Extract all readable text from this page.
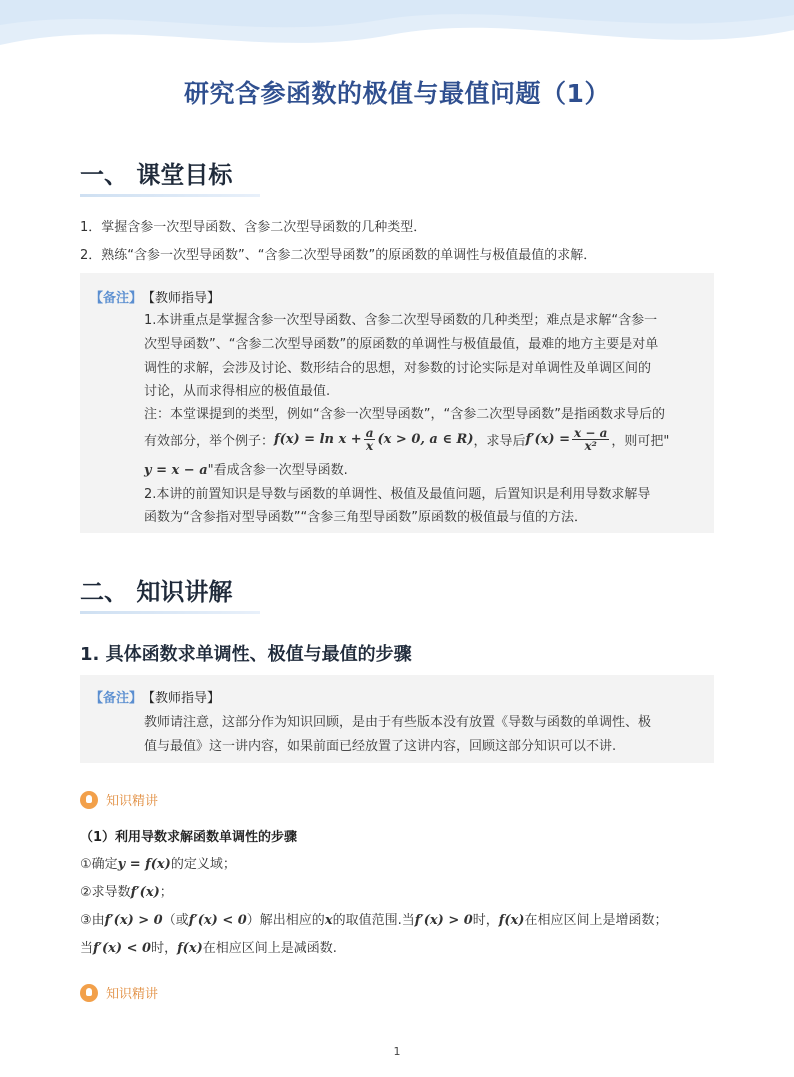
研究含参函数的极值与最值问题（1）
一、 课堂目标
1．掌握含参一次型导函数、含参二次型导函数的几种类型．
2．熟练“含参一次型导函数”、“含参二次型导函数”的原函数的单调性与极值最值的求解．
【备注】 【教师指导】
1.本讲重点是掌握含参一次型导函数、含参二次型导函数的几种类型；难点是求解“含参一
次型导函数”、“含参二次型导函数”的原函数的单调性与极值最值，最难的地方主要是对单
调性的求解，会涉及讨论、数形结合的思想，对参数的讨论实际是对单调性及单调区间的
讨论，从而求得相应的极值最值.
注：本堂课提到的类型，例如“含参一次型导函数”，“含参二次型导函数”是指函数求导后的
有效部分，举个例子： $f(x) = \ln x + \frac{a}{x} (x > 0$, a ∈ R) ，求导后 $f'(x) = \frac{x - a}{\text{x²}}$ ，则可把"
y = x − a"看成含参一次型导函数.
2.本讲的前置知识是导数与函数的单调性、极值及最值问题，后置知识是利用导数求解导
函数为“含参指对型导函数”“含参三角型导函数”原函数的极值最与值的方法．
二、 知识讲解
1. 具体函数求单调性、极值与最值的步骤
【备注】 【教师指导】
教师请注意，这部分作为知识回顾，是由于有些版本没有放置《导数与函数的单调性、极
值与最值》这一讲内容，如果前面已经放置了这讲内容，回顾这部分知识可以不讲.
知识精讲
（1）利用导数求解函数单调性的步骤
①确定y = f(x)的定义域；
②求导数f′(x)；
③由f′(x) > 0（或f′(x) < 0）解出相应的x的取值范围.当f′(x) > 0时，f(x)在相应区间上是增函数；
当f′(x) < 0时，f(x)在相应区间上是减函数.
知识精讲
1
